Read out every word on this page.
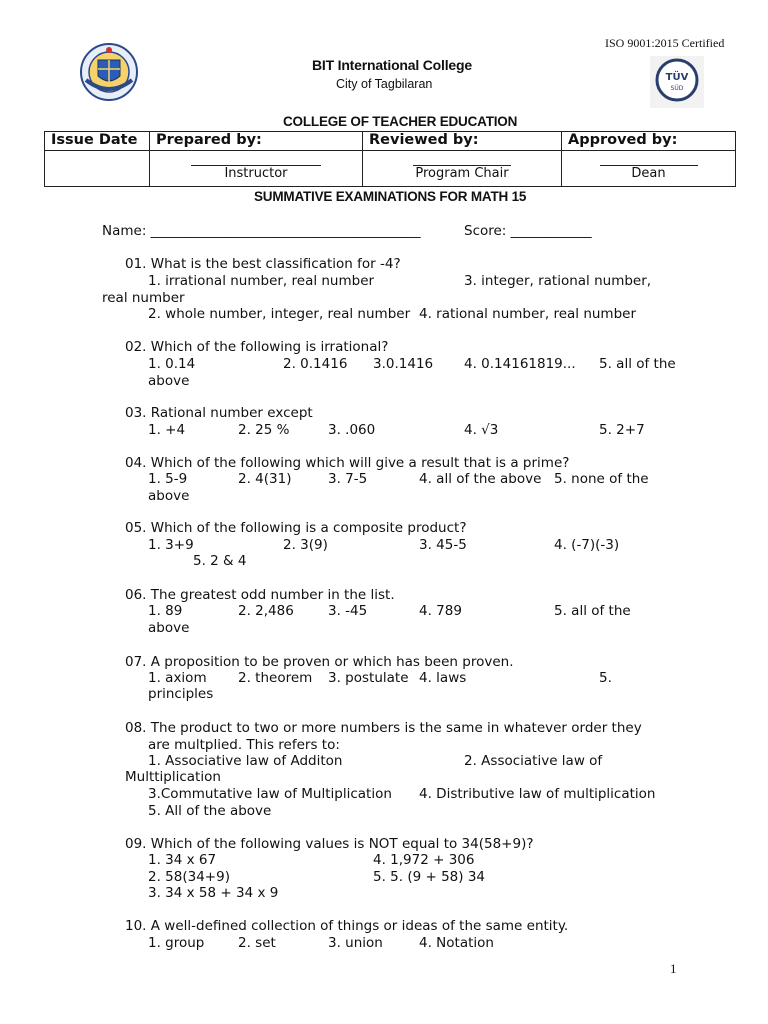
ISO 9001:2015 Certified
BIT International College
City of Tagbilaran	TÜV
SÜD
COLLEGE OF TEACHER EDUCATION
Issue Date	Prepared by:	Reviewed by:	Approved by:
	Instructor	Program Chair	Dean
SUMMATIVE EXAMINATIONS FOR MATH 15
Name: ________________________________________	Score: ____________
01. What is the best classification for -4?
1. irrational number, real number	3. integer, rational number,
real number
2. whole number, integer, real number 4. rational number, real number
02. Which of the following is irrational?
1. 0.14	2. 0.1416 3.0.1416 4. 0.14161819... 5. all of the
above
03. Rational number except
1. +4	2. 25 %	3. .060	4. √3	5. 2+7
04. Which of the following which will give a result that is a prime?
1. 5-9	2. 4(31)	3. 7-5	4. all of the above 5. none of the
above
05. Which of the following is a composite product?
1. 3+9	2. 3(9)	3. 45-5	4. (-7)(-3)
5. 2 & 4
06. The greatest odd number in the list.
1. 89	2. 2,486	3. -45	4. 789	5. all of the
above
07. A proposition to be proven or which has been proven.
1. axiom 2. theorem 3. postulate 4. laws	5.
principles
08. The product to two or more numbers is the same in whatever order they
are multplied. This refers to:
1. Associative law of Additon	2. Associative law of
Multtiplication
3.Commutative law of Multiplication 4. Distributive law of multiplication
5. All of the above
09. Which of the following values is NOT equal to 34(58+9)?
1. 34 x 67	4. 1,972 + 306
2. 58(34+9)	5. 5. (9 + 58) 34
3. 34 x 58 + 34 x 9
10. A well-defined collection of things or ideas of the same entity.
1. group 2. set	3. union	4. Notation
1
